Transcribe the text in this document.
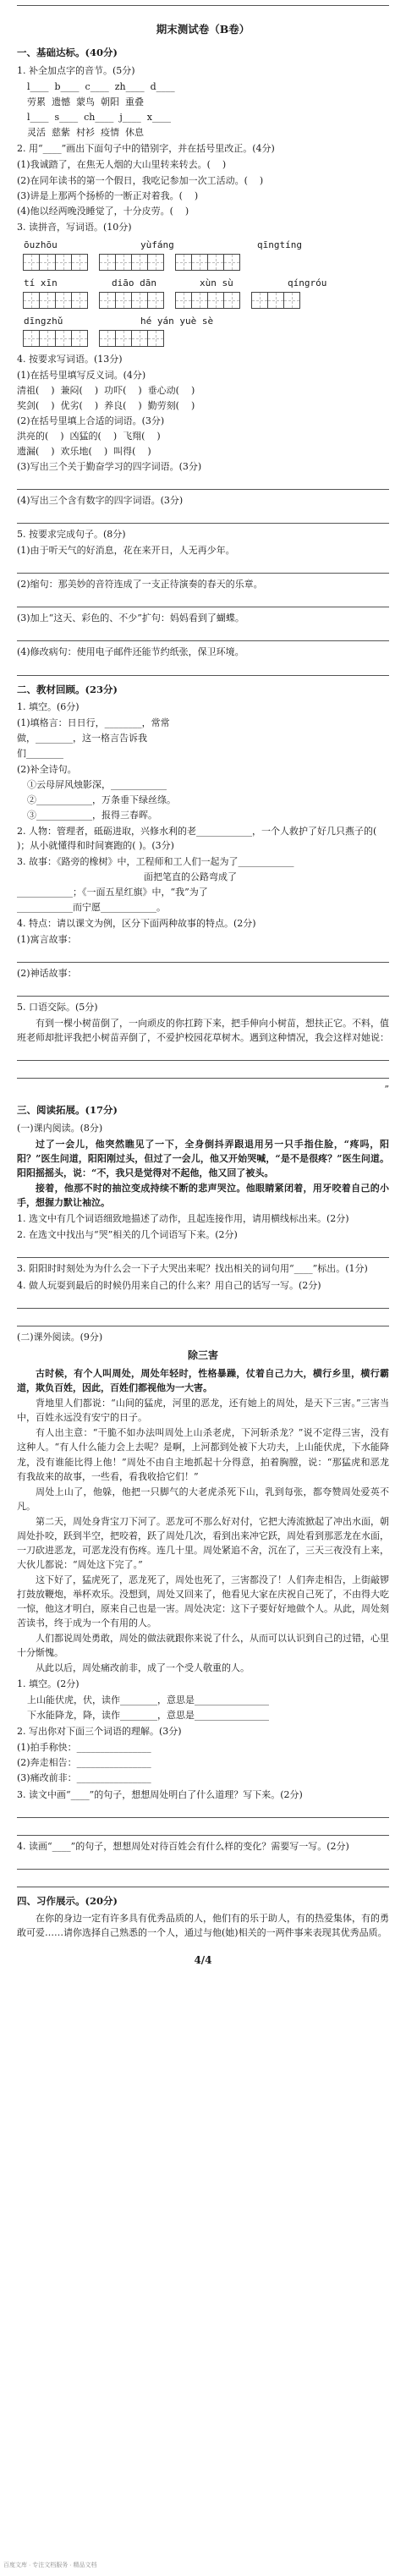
期末测试卷（B卷）
一、基础达标。(40分)
1. 补全加点字的音节。(5分)
l____  b____  c____  zh____  d____
劳累  遗憾  蒙鸟  朝阳  重叠
l____  s____  ch____  j____  x____
灵活  慈紫  村衫  疫情  休息
2. 用“____”画出下面句子中的错别字，并在括号里改正。(4分)
(1)我诚踏了，在焦无人烟的大山里转来转去。(    )
(2)在同年读书的第一个假日，我吃记参加一次工活动。(    )
(3)讲是上那两个扬桥的一断正对着我。(    )
(4)他以经两晚没睡觉了，十分皮劳。(    )
3. 读拼音，写词语。(10分)
ōuzhōu	yùfáng	qīngtíng
tí xīn	diāo dān	xùn sù	qíngróu
dīngzhǔ	hé yán yuè sè
4. 按要求写词语。(13分)
(1)在括号里填写反义词。(4分)
清祖(    )  兼闷(    )  功吓(    )  垂心动(    )
奖剑(    )  优劣(    )  养良(    )  勤劳刻(    )
(2)在括号里填上合适的词语。(3分)
洪亮的(    )  凶猛的(    )  飞翔(    )
遗漏(    )  欢乐地(    )  叫得(    )
(3)写出三个关于勤奋学习的四字词语。(3分)
(4)写出三个含有数字的四字词语。(3分)
5. 按要求完成句子。(8分)
(1)由于听天气的好消息，花在来开日，人无再少年。
(2)缩句：那美妙的音符连成了一支正待演奏的春天的乐章。
(3)加上“这天、彩色的、不少”扩句：妈妈看到了蝴蝶。
(4)修改病句：使用电子邮件还能节约纸张，保卫环境。
二、教材回顾。(23分)
1. 填空。(6分)
(1)填格言：日日行，________，常常
做，________，这一格言告诉我
们________
(2)补全诗句。
①云母屏风烛影深，____________
②____________，万条垂下绿丝绦。
③____________，报得三春晖。
2. 人物：管理者，砥砺进取，兴修水利的老____________，一个人救护了好几只燕子的( )；从小就懂得和时间赛跑的( )。(3分)
3. 故事：《路旁的橡树》中，工程师和工人们一起为了____________
面把笔直的公路弯成了
____________；《一面五星红旗》中，“我”为了
____________而宁愿____________。
4. 特点：请以课文为例，区分下面两种故事的特点。(2分)
(1)寓言故事：
(2)神话故事：
5. 口语交际。(5分)
有到一棵小树苗倒了，一向顽皮的你扛跨下来，把手伸向小树苗，想扶正它。不料，值班老师却批评我把小树苗弄倒了，不爱护校园花草树木。遇到这种情况，我会这样对她说：
”
三、阅读拓展。(17分)
(一)课内阅读。(8分)
过了一会儿，他突然瞧见了一下，全身倒抖弄跟退用另一只手指住脸，“疼吗，阳阳？”医生问道，阳阳刚过头，但过了一会儿，他又开始哭喊，“是不是很疼？”医生问道。阳阳摇摇头，说：“不，我只是觉得对不起他，他又回了被头。
接着，他那不时的抽泣变成持续不断的悲声哭泣。他眼睛紧闭着，用牙咬着自己的小手，想握力默让袖泣。
1. 选文中有几个词语细致地描述了动作，且起连接作用，请用横线标出来。(2分)
2. 在选文中找出与“哭”相关的几个词语写下来。(2分)
3. 阳阳时时刻处为为什么会一下子大哭出来呢？找出相关的词句用“____”标出。(1分)
4. 做人玩耍到最后的时候仍用来自己的什么来？用自己的话写一写。(2分)
(二)课外阅读。(9分)
除三害
古时候，有个人叫周处，周处年轻时，性格暴躁，仗着自己力大，横行乡里，横行霸道，欺负百姓，因此，百姓们都视他为一大害。
背地里人们都说：“山间的猛虎，河里的恶龙，还有她上的周处，是天下三害。”三害当中，百姓永远没有安宁的日子。
有人出主意：“干脆不如办法叫周处上山杀老虎，下河斩杀龙？”说不定得三害，没有这种人。“有人什么能力会上去呢？是啊，上河都到处被下大功夫，上山能伏虎，下水能降龙，没有谁能比得上他！”周处不由自主地抓起十分得意，拍着胸膛，说：“那猛虎和恶龙有我故来的故事，一些看，看我收拾它们！”
周处上山了，他躲，他把一只脚气的大老虎杀死下山，乳到每张，都夸赞周处爱英不凡。
第二天，周处身背宝刀下河了。恶龙可不那么好对付，它把大涛流掀起了冲出水面，朝周处扑咬，跃到半空，把咬着，跃了周处几次，看到出来冲它跃，周处看到那恶龙在水面，一刀砍进恶龙，可恶龙没有伤疼。连几十里。周处紧追不舍，沉在了，三天三夜没有上来，大伙儿都说：“周处这下完了。”
这下好了，猛虎死了，恶龙死了，周处也死了，三害都没了！人们奔走相告，上街敲锣打鼓放鞭炮，举杯欢乐。没想到，周处又回来了，他看见大家在庆祝自己死了，不由得大吃一惊，他这才明白，原来自己也是一害。周处决定：这下子要好好地做个人。从此，周处刻苦读书，终于成为一个有用的人。
人们都说周处勇敢，周处的做法就跟你来说了什么，从而可以认识到自己的过错，心里十分惭愧。
从此以后，周处痛改前非，成了一个受人敬重的人。
1. 填空。(2分)
上山能伏虎，伏，读作________，意思是________________
下水能降龙，降，读作________，意思是________________
2. 写出你对下面三个词语的理解。(3分)
(1)拍手称快：________________
(2)奔走相告：________________
(3)痛改前非：________________
3. 读文中画“____”的句子，想想周处明白了什么道理？写下来。(2分)
4. 读画“____”的句子，想想周处对待百姓会有什么样的变化？需要写一写。(2分)
四、习作展示。(20分)
在你的身边一定有许多具有优秀品质的人，他们有的乐于助人，有的热爱集体，有的勇敢可爱……请你选择自己熟悉的一个人，通过与他(她)相关的一两件事来表现其优秀品质。
4/4
百度文库 · 专注文档服务 · 精品文档
